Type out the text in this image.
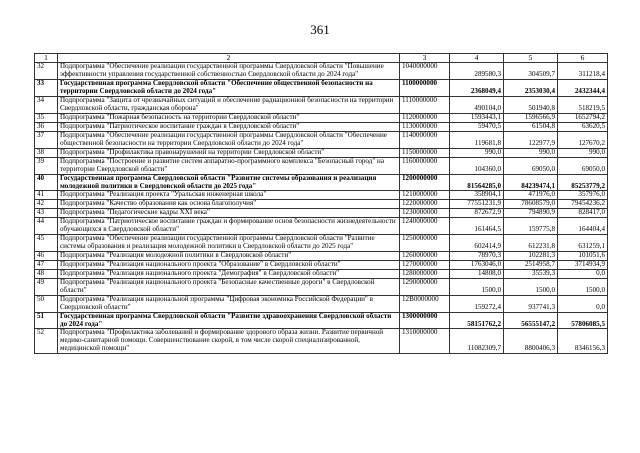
361
1	2	3	4	5	6
32	Подпрограмма "Обеспечение реализации государственной программы Свердловской области "Повышение эффективности управления государственной собственностью Свердловской области до 2024 года"	1040000000	289580,3	304509,7	311218,4
33	Государственная программа Свердловской области "Обеспечение общественной безопасности на территории Свердловской области до 2024 года"	1100000000	2368049,4	2353030,4	2432344,4
34	Подпрограмма "Защита от чрезвычайных ситуаций и обеспечение радиационной безопасности на территории Свердловской области, гражданская оборона"	1110000000	490104,0	501940,8	518219,5
35	Подпрограмма "Пожарная безопасность на территории Свердловской области"	1120000000	1593443,1	1596566,9	1652794,2
36	Подпрограмма "Патриотическое воспитание граждан в Свердловской области"	1130000000	59470,5	61504,8	63620,5
37	Подпрограмма "Обеспечение реализации государственной программы Свердловской области "Обеспечение общественной безопасности на территории Свердловской области до 2024 года"	1140000000	119681,8	122977,9	127670,2
38	Подпрограмма "Профилактика правонарушений на территории Свердловской области"	1150000000	990,0	990,0	990,0
39	Подпрограмма "Построение и развитие систем аппаратно-программного комплекса "Безопасный город" на территории Свердловской области"	1160000000	104360,0	69050,0	69050,0
40	Государственная программа Свердловской области "Развитие системы образования и реализация молодежной политики в Свердловской области до 2025 года"	1200000000	81564285,0	84239474,1	85253779,2
41	Подпрограмма "Реализация проекта "Уральская инженерная школа"	1210000000	358904,1	471976,0	357976,0
42	Подпрограмма "Качество образования как основа благополучия"	1220000000	77551231,9	78608579,0	79454236,2
43	Подпрограмма "Педагогические кадры XXI века"	1230000000	872672,9	794890,9	828417,0
44	Подпрограмма "Патриотическое воспитание граждан и формирование основ безопасности жизнедеятельности обучающихся в Свердловской области"	1240000000	161464,5	159775,8	164404,4
45	Подпрограмма "Обеспечение реализации государственной программы Свердловской области "Развитие системы образования и реализация молодежной политики в Свердловской области до 2025 года"	1250000000	602414,9	612231,8	631259,1
46	Подпрограмма "Реализация молодежной политики в Свердловской области"	1260000000	78970,3	102281,3	101051,6
47	Подпрограмма "Реализация национального проекта "Образование" в Свердловской области"	1270000000	1763046,0	2514958,7	3714934,9
48	Подпрограмма "Реализация национального проекта "Демография" в Свердловской области"	1280000000	14808,0	35539,3	0,0
49	Подпрограмма "Реализация национального проекта "Безопасные качественные дороги" в Свердловской области"	1290000000	1500,0	1500,0	1500,0
50	Подпрограмма "Реализация национальной программы "Цифровая экономика Российской Федерации" в Свердловской области"	12B0000000	159272,4	937741,3	0,0
51	Государственная программа Свердловской области "Развитие здравоохранения Свердловской области до 2024 года"	1300000000	58151762,2	56555147,2	57806085,5
52	Подпрограмма "Профилактика заболеваний и формирование здорового образа жизни. Развитие первичной медико-санитарной помощи. Совершенствование скорой, в том числе скорой специализированной, медицинской помощи"	1310000000	11082309,7	8800406,3	8346156,3
